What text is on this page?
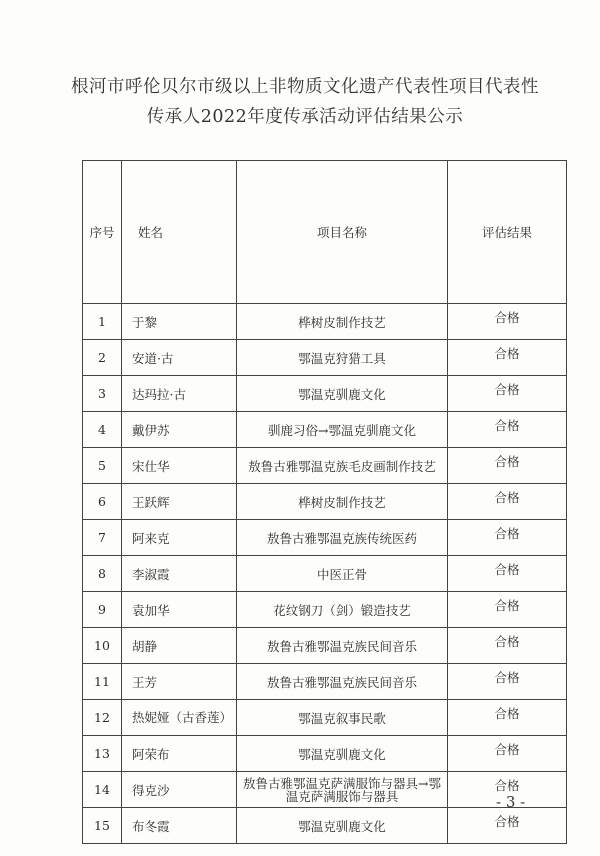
根河市呼伦贝尔市级以上非物质文化遗产代表性项目代表性传承人2022年度传承活动评估结果公示
序号	姓名	项目名称	评估结果
1	于黎	桦树皮制作技艺	合格
2	安道·古	鄂温克狩猎工具	合格
3	达玛拉·古	鄂温克驯鹿文化	合格
4	戴伊苏	驯鹿习俗→鄂温克驯鹿文化	合格
5	宋仕华	敖鲁古雅鄂温克族毛皮画制作技艺	合格
6	王跃辉	桦树皮制作技艺	合格
7	阿来克	敖鲁古雅鄂温克族传统医药	合格
8	李淑霞	中医正骨	合格
9	袁加华	花纹钢刀（剑）锻造技艺	合格
10	胡静	敖鲁古雅鄂温克族民间音乐	合格
11	王芳	敖鲁古雅鄂温克族民间音乐	合格
12	热妮娅（古香莲）	鄂温克叙事民歌	合格
13	阿荣布	鄂温克驯鹿文化	合格
14	得克沙	敖鲁古雅鄂温克萨满服饰与器具→鄂温克萨满服饰与器具	合格
15	布冬霞	鄂温克驯鹿文化	合格
- 3 -
